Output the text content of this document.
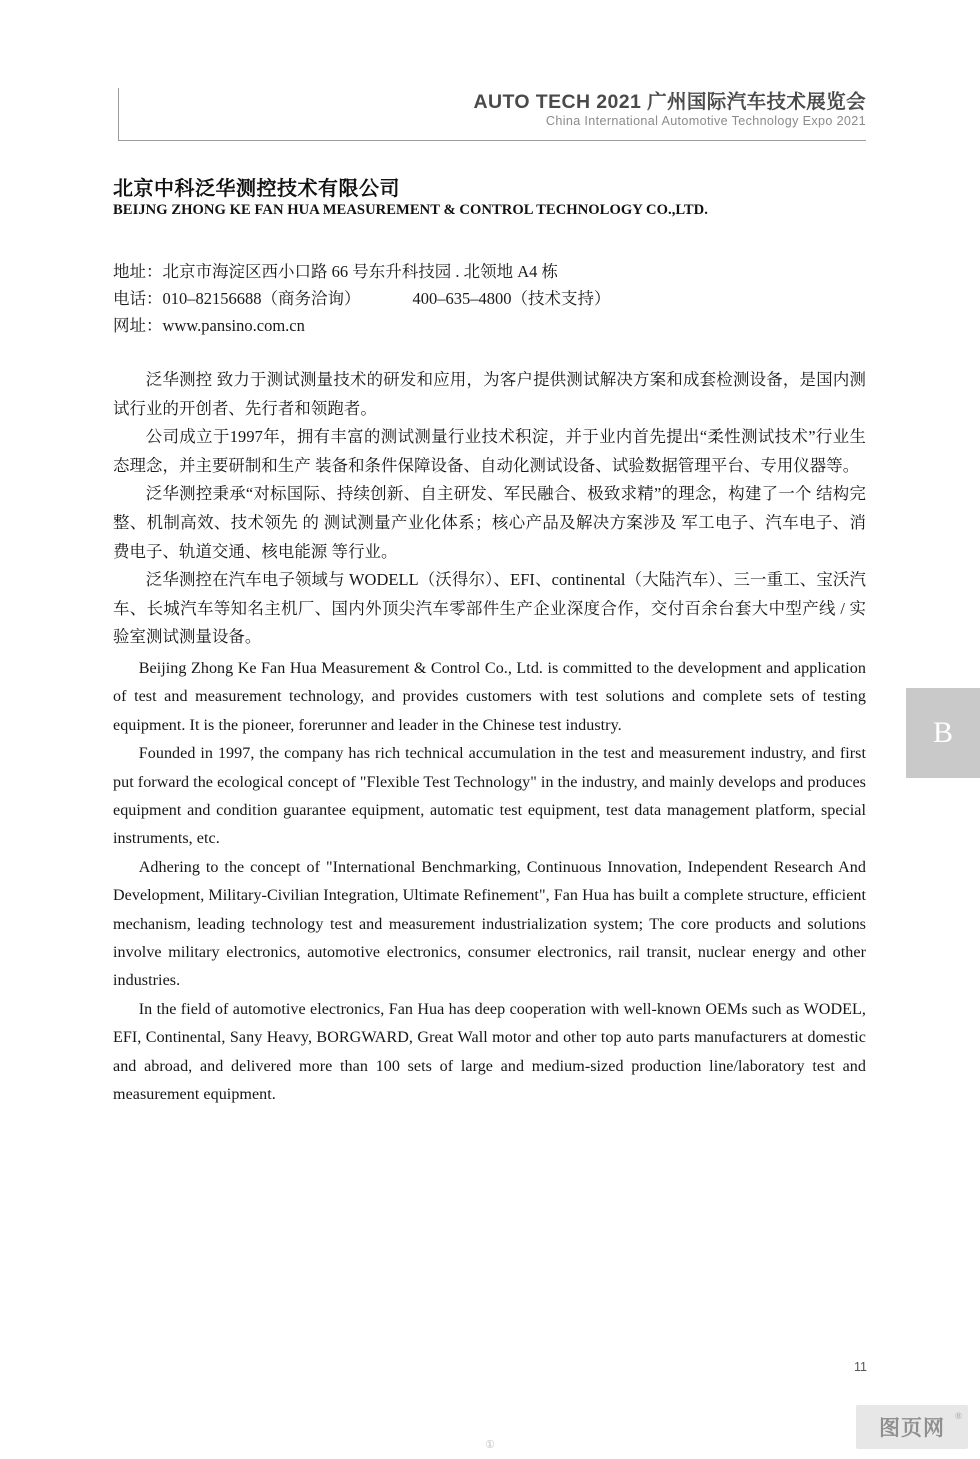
AUTO TECH 2021 广州国际汽车技术展览会
China International Automotive Technology Expo 2021
北京中科泛华测控技术有限公司
BEIJNG ZHONG KE FAN HUA MEASUREMENT & CONTROL TECHNOLOGY CO.,LTD.
地址：北京市海淀区西小口路 66 号东升科技园 . 北领地 A4 栋
电话：010–82156688（商务洽询）	400–635–4800（技术支持）
网址：www.pansino.com.cn

泛华测控 致力于测试测量技术的研发和应用，为客户提供测试解决方案和成套检测设备，是国内测试行业的开创者、先行者和领跑者。

公司成立于1997年，拥有丰富的测试测量行业技术积淀，并于业内首先提出“柔性测试技术”行业生态理念，并主要研制和生产 装备和条件保障设备、自动化测试设备、试验数据管理平台、专用仪器等。

泛华测控秉承“对标国际、持续创新、自主研发、军民融合、极致求精”的理念，构建了一个 结构完整、机制高效、技术领先 的 测试测量产业化体系；核心产品及解决方案涉及 军工电子、汽车电子、消费电子、轨道交通、核电能源 等行业。

泛华测控在汽车电子领域与 WODELL（沃得尔）、EFI、continental（大陆汽车）、三一重工、宝沃汽车、长城汽车等知名主机厂、国内外顶尖汽车零部件生产企业深度合作，交付百余台套大中型产线 / 实验室测试测量设备。

Beijing Zhong Ke Fan Hua Measurement & Control Co., Ltd. is committed to the development and application of test and measurement technology, and provides customers with test solutions and complete sets of testing equipment. It is the pioneer, forerunner and leader in the Chinese test industry.

Founded in 1997, the company has rich technical accumulation in the test and measurement industry, and first put forward the ecological concept of "Flexible Test Technology" in the industry, and mainly develops and produces equipment and condition guarantee equipment, automatic test equipment, test data management platform, special instruments, etc.

Adhering to the concept of "International Benchmarking, Continuous Innovation, Independent Research And Development, Military-Civilian Integration, Ultimate Refinement", Fan Hua has built a complete structure, efficient mechanism, leading technology test and measurement industrialization system; The core products and solutions involve military electronics, automotive electronics, consumer electronics, rail transit, nuclear energy and other industries.

In the field of automotive electronics, Fan Hua has deep cooperation with well-known OEMs such as WODEL, EFI, Continental, Sany Heavy, BORGWARD, Great Wall motor and other top auto parts manufacturers at domestic and abroad, and delivered more than 100 sets of large and medium-sized production line/laboratory test and measurement equipment.

B
11
①
图页网
®
